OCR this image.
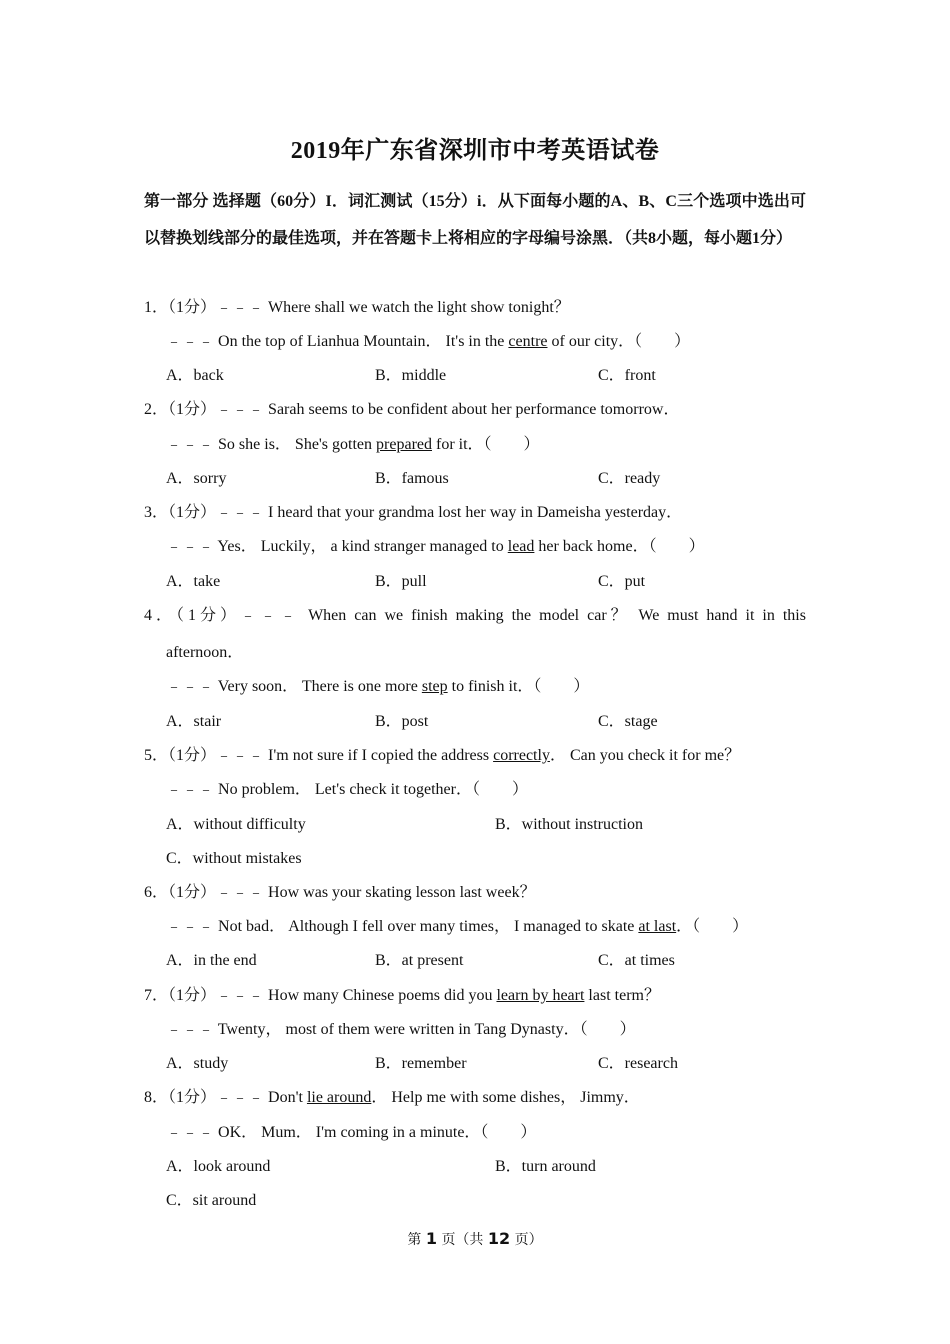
2019年广东省深圳市中考英语试卷
第一部分 选择题（60分）I．词汇测试（15分）i．从下面每小题的A、B、C三个选项中选出可以替换划线部分的最佳选项，并在答题卡上将相应的字母编号涂黑．（共8小题，每小题1分）
1．（1分）﹣﹣﹣ Where shall we watch the light show tonight？
﹣﹣﹣ On the top of Lianhua Mountain． It's in the centre of our city．（　　）
A．back	B．middle	C．front
2．（1分）﹣﹣﹣ Sarah seems to be confident about her performance tomorrow．
﹣﹣﹣ So she is． She's gotten prepared for it．（　　）
A．sorry	B．famous	C．ready
3．（1分）﹣﹣﹣ I heard that your grandma lost her way in Dameisha yesterday．
﹣﹣﹣ Yes． Luckily， a kind stranger managed to lead her back home．（　　）
A．take	B．pull	C．put
4．（1分）﹣﹣﹣ When can we finish making the model car？ We must hand it in this
afternoon．
﹣﹣﹣ Very soon． There is one more step to finish it．（　　）
A．stair	B．post	C．stage
5．（1分）﹣﹣﹣ I'm not sure if I copied the address correctly． Can you check it for me？
﹣﹣﹣ No problem． Let's check it together．（　　）
A．without difficulty	B．without instruction
C．without mistakes
6．（1分）﹣﹣﹣ How was your skating lesson last week？
﹣﹣﹣ Not bad． Although I fell over many times， I managed to skate at last．（　　）
A．in the end	B．at present	C．at times
7．（1分）﹣﹣﹣ How many Chinese poems did you learn by heart last term？
﹣﹣﹣ Twenty， most of them were written in Tang Dynasty．（　　）
A．study	B．remember	C．research
8．（1分）﹣﹣﹣ Don't lie around． Help me with some dishes， Jimmy．
﹣﹣﹣ OK． Mum． I'm coming in a minute．（　　）
A．look around	B．turn around
C．sit around
第 1 页（共 12 页）
